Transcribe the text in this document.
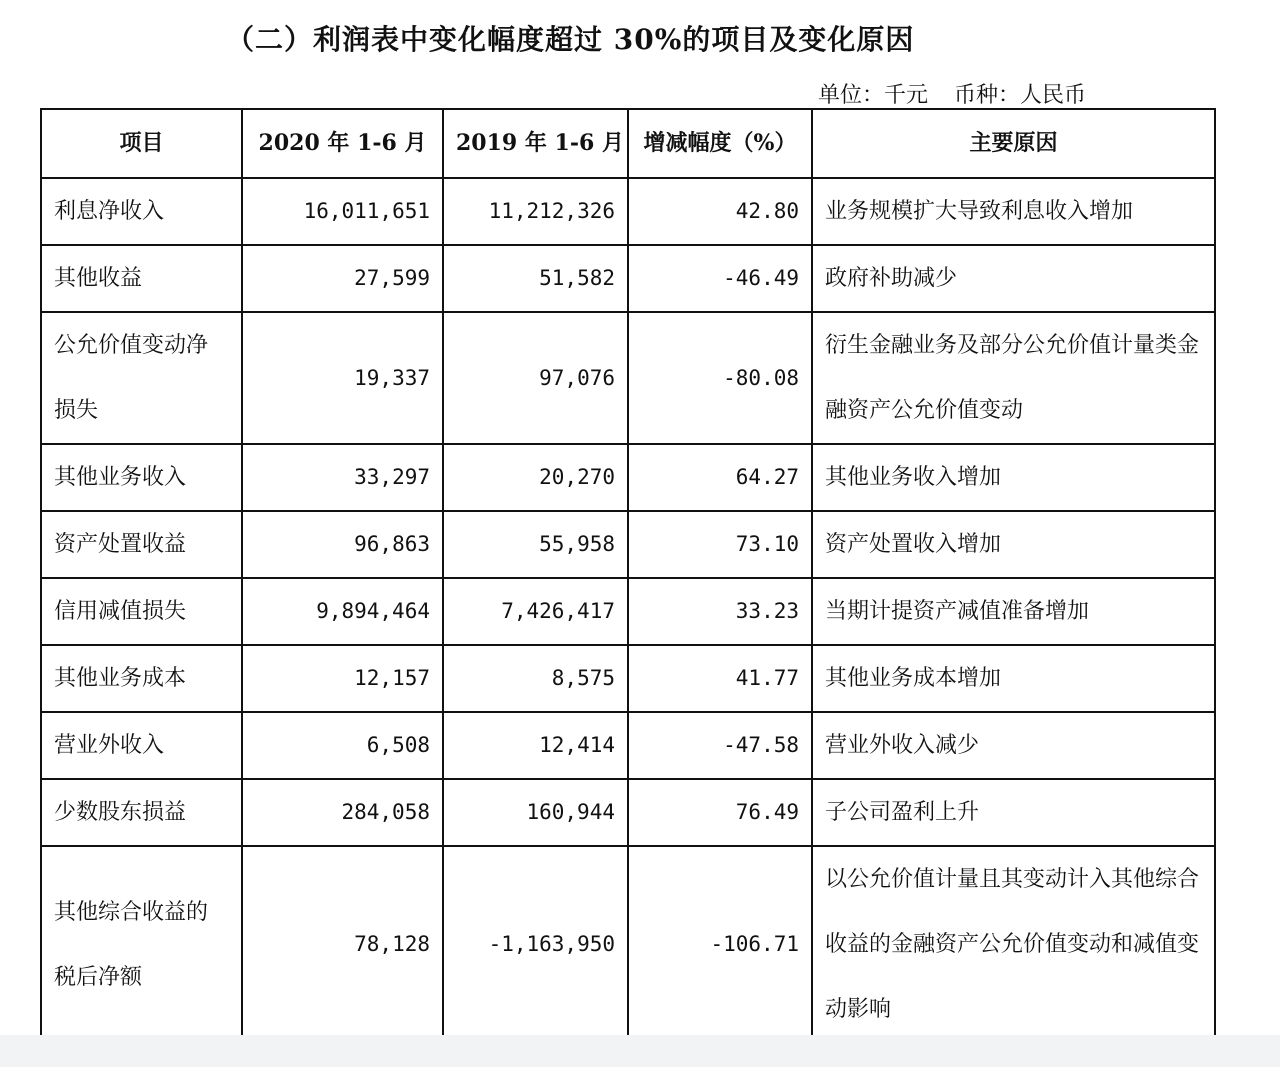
（二）利润表中变化幅度超过 30%的项目及变化原因
单位：千元 币种：人民币
项目	2020 年 1-6 月	2019 年 1-6 月	增减幅度（%）	主要原因
利息净收入	16,011,651	11,212,326	42.80	业务规模扩大导致利息收入增加
其他收益	27,599	51,582	-46.49	政府补助减少
公允价值变动净损失	19,337	97,076	-80.08	衍生金融业务及部分公允价值计量类金融资产公允价值变动
其他业务收入	33,297	20,270	64.27	其他业务收入增加
资产处置收益	96,863	55,958	73.10	资产处置收入增加
信用减值损失	9,894,464	7,426,417	33.23	当期计提资产减值准备增加
其他业务成本	12,157	8,575	41.77	其他业务成本增加
营业外收入	6,508	12,414	-47.58	营业外收入减少
少数股东损益	284,058	160,944	76.49	子公司盈利上升
其他综合收益的税后净额	78,128	-1,163,950	-106.71	以公允价值计量且其变动计入其他综合收益的金融资产公允价值变动和减值变动影响
